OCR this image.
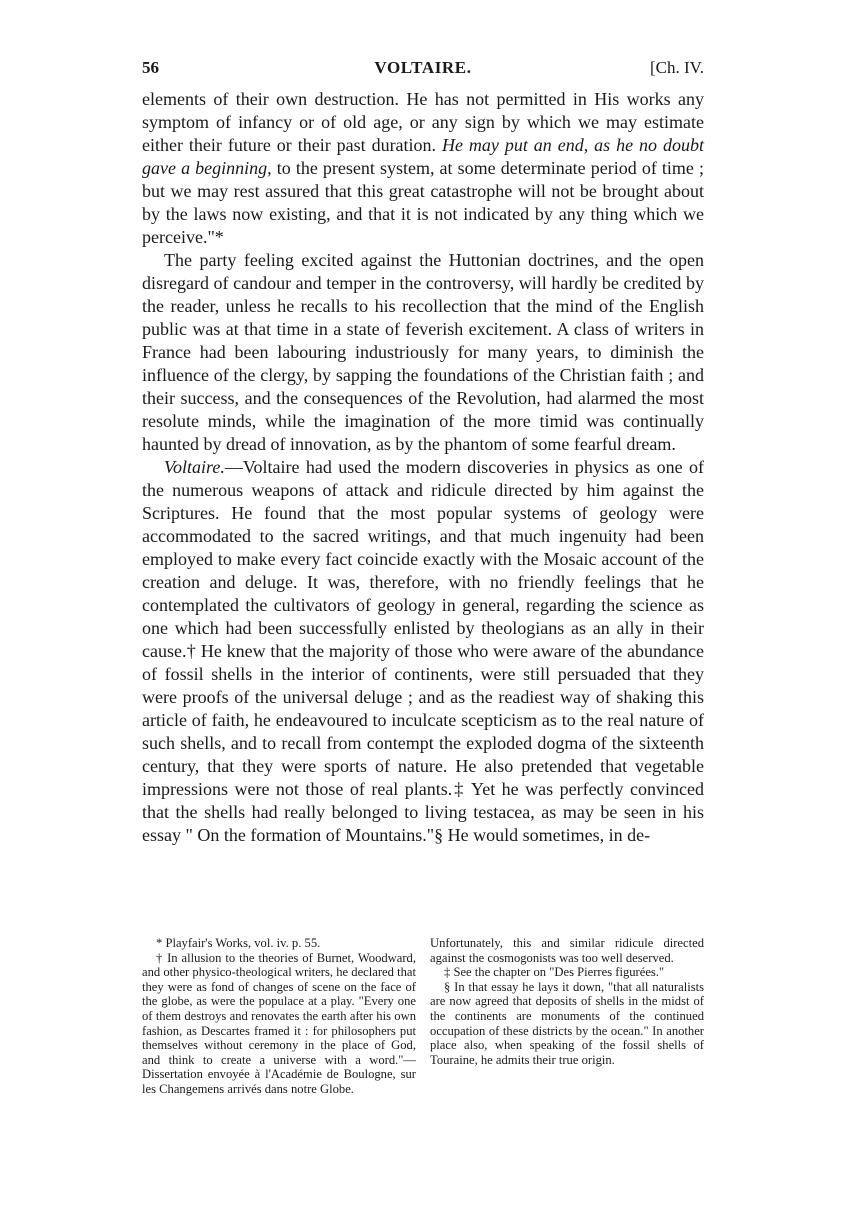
56	VOLTAIRE.	[Ch. IV.

elements of their own destruction. He has not permitted in His works any symptom of infancy or of old age, or any sign by which we may estimate either their future or their past duration. He may put an end, as he no doubt gave a beginning, to the present system, at some determinate period of time ; but we may rest assured that this great catastrophe will not be brought about by the laws now existing, and that it is not indicated by any thing which we perceive."*

The party feeling excited against the Huttonian doctrines, and the open disregard of candour and temper in the controversy, will hardly be credited by the reader, unless he recalls to his recollection that the mind of the English public was at that time in a state of feverish excitement. A class of writers in France had been labouring industriously for many years, to diminish the influence of the clergy, by sapping the foundations of the Christian faith ; and their success, and the consequences of the Revolution, had alarmed the most resolute minds, while the imagination of the more timid was continually haunted by dread of innovation, as by the phantom of some fearful dream.

Voltaire.—Voltaire had used the modern discoveries in physics as one of the numerous weapons of attack and ridicule directed by him against the Scriptures. He found that the most popular systems of geology were accommodated to the sacred writings, and that much ingenuity had been employed to make every fact coincide exactly with the Mosaic account of the creation and deluge. It was, therefore, with no friendly feelings that he contemplated the cultivators of geology in general, regarding the science as one which had been successfully enlisted by theologians as an ally in their cause.† He knew that the majority of those who were aware of the abundance of fossil shells in the interior of continents, were still persuaded that they were proofs of the universal deluge ; and as the readiest way of shaking this article of faith, he endeavoured to inculcate scepticism as to the real nature of such shells, and to recall from contempt the exploded dogma of the sixteenth century, that they were sports of nature. He also pretended that vegetable impressions were not those of real plants.‡ Yet he was perfectly convinced that the shells had really belonged to living testacea, as may be seen in his essay " On the formation of Mountains."§ He would sometimes, in de-

* Playfair's Works, vol. iv. p. 55.

† In allusion to the theories of Burnet, Woodward, and other physico-theological writers, he declared that they were as fond of changes of scene on the face of the globe, as were the populace at a play. "Every one of them destroys and renovates the earth after his own fashion, as Descartes framed it : for philosophers put themselves without ceremony in the place of God, and think to create a universe with a word."—Dissertation envoyée à l'Académie de Boulogne, sur les Changemens arrivés dans notre Globe.

Unfortunately, this and similar ridicule directed against the cosmogonists was too well deserved.

‡ See the chapter on "Des Pierres figurées."

§ In that essay he lays it down, "that all naturalists are now agreed that deposits of shells in the midst of the continents are monuments of the continued occupation of these districts by the ocean." In another place also, when speaking of the fossil shells of Touraine, he admits their true origin.
